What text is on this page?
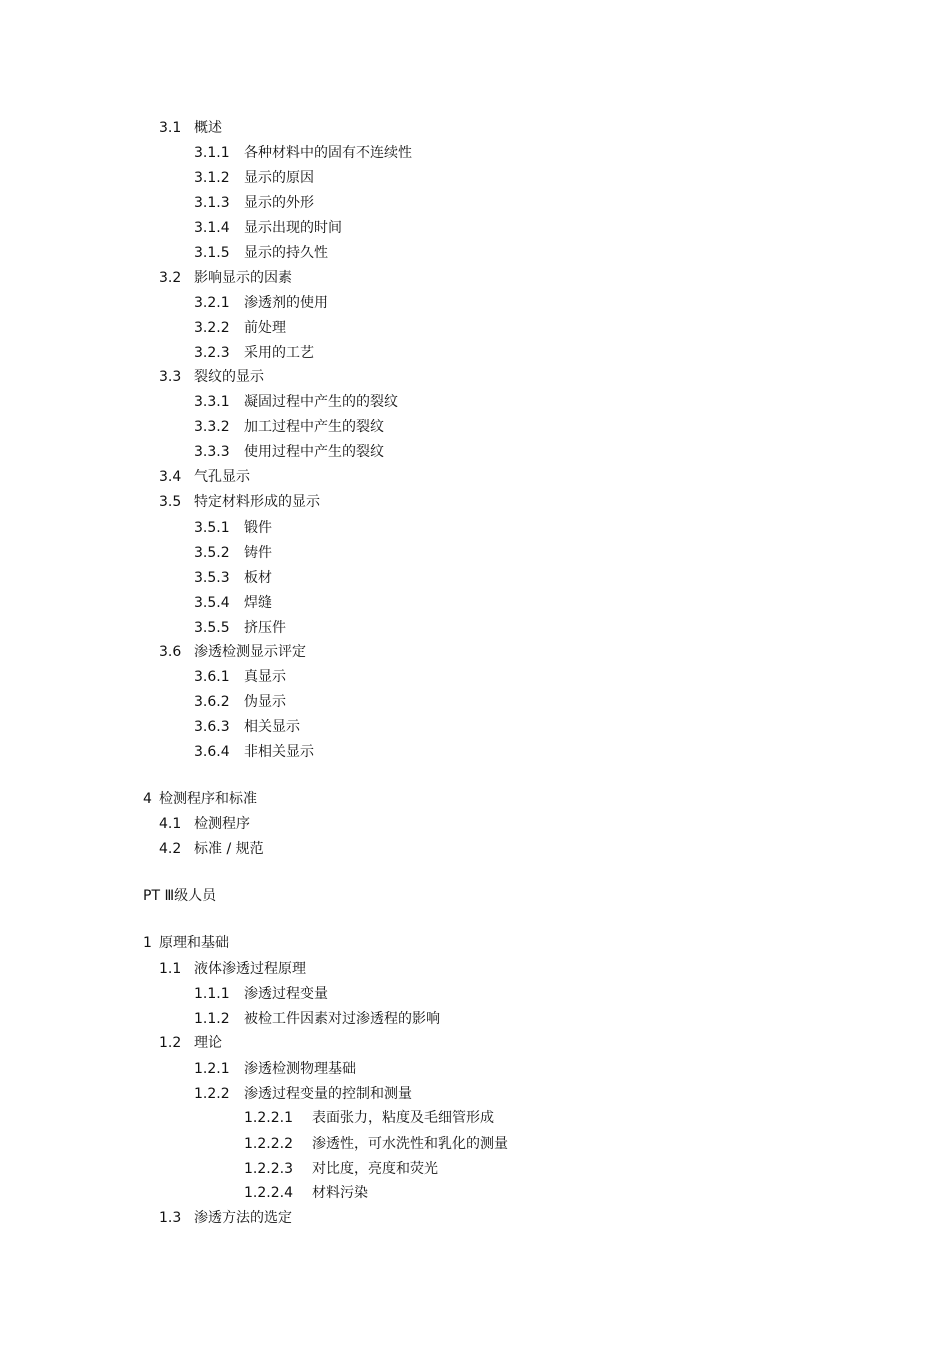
3.1 概述
3.1.1 各种材料中的固有不连续性
3.1.2 显示的原因
3.1.3 显示的外形
3.1.4 显示出现的时间
3.1.5 显示的持久性
3.2 影响显示的因素
3.2.1 渗透剂的使用
3.2.2 前处理
3.2.3 采用的工艺
3.3 裂纹的显示
3.3.1 凝固过程中产生的的裂纹
3.3.2 加工过程中产生的裂纹
3.3.3 使用过程中产生的裂纹
3.4 气孔显示
3.5 特定材料形成的显示
3.5.1 锻件
3.5.2 铸件
3.5.3 板材
3.5.4 焊缝
3.5.5 挤压件
3.6 渗透检测显示评定
3.6.1 真显示
3.6.2 伪显示
3.6.3 相关显示
3.6.4 非相关显示
4 检测程序和标准
4.1 检测程序
4.2 标准 / 规范
PT Ⅲ级人员
1 原理和基础
1.1 液体渗透过程原理
1.1.1 渗透过程变量
1.1.2 被检工件因素对过渗透程的影响
1.2 理论
1.2.1 渗透检测物理基础
1.2.2 渗透过程变量的控制和测量
1.2.2.1 表面张力，粘度及毛细管形成
1.2.2.2 渗透性，可水洗性和乳化的测量
1.2.2.3 对比度，亮度和荧光
1.2.2.4 材料污染
1.3 渗透方法的选定
